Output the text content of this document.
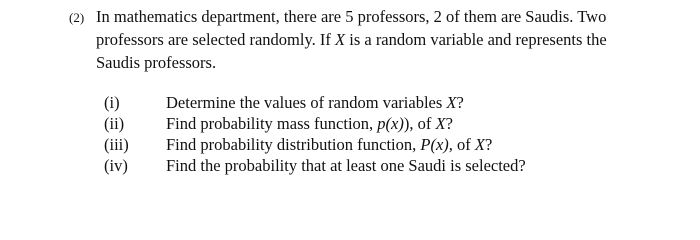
(2) In mathematics department, there are 5 professors, 2 of them are Saudis. Two
professors are selected randomly. If X is a random variable and represents the
Saudis professors.
(i)	Determine the values of random variables X?
(ii)	Find probability mass function, p(x)), of X?
(iii) Find probability distribution function, P(x), of X?
(iv) Find the probability that at least one Saudi is selected?
